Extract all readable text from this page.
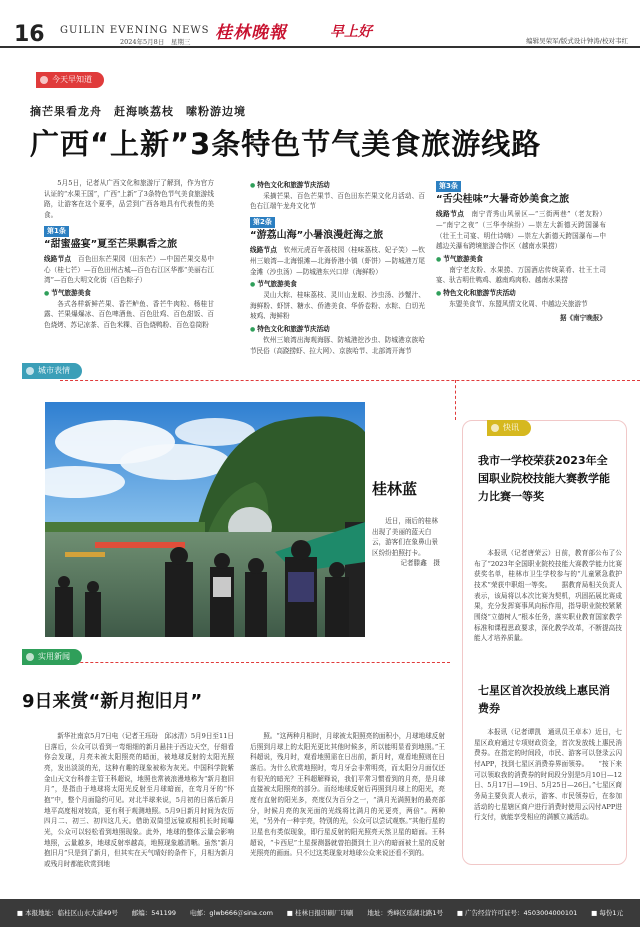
16 GUILIN EVENING NEWS
2024年5月8日　星期三 桂林晚報	早上好
编辑吴荣军/版式设计钟涛/校对韦红
今天早知道
摘芒果看龙舟　赶海啖荔枝　嗦粉游边境
广西“上新”3条特色节气美食旅游线路

5月5日，记者从广西文化和旅游厅了解到，作为官方认证的“水果王国”，广西“上新”了3条特色节气美食旅游线路，让游客在这个夏季，品尝到广西各地具有代表性的美食。

第1条
“甜蜜盛宴”夏至芒果飘香之旅

线路节点　 百色田东芒果园（田东芒）—中国芒果交易中心（桂七芒）—百色田州古城—百色右江区华都“美丽右江湾”—百色大明文化街（百色粽子）

● 节气旅游美食

各式各样新鲜芒果、香芒鲈鱼、香芒牛肉粒、杨桂甘露、芒果爆爆冰、百色啤酒鱼、百色肚鸡、百色甜饭、百色烧烤、苏记凉茶、百色米粿、百色烧鸭粉、百色卷筒粉

● 特色文化和旅游节庆活动

采摘芒果、百色芒果节、百色田东芒果文化月活动、百色右江端午龙舟文化节

第2条
“游荔山海”小暑浪漫赶海之旅

线路节点　 钦州元虎百年荔枝园（桂味荔枝、妃子笑）—钦州三娘湾—北海银滩—北海侨港小镇（虾饼）—防城港万尾金滩（沙虫汤）—防城港东兴口岸（海鲜粉）

● 节气旅游美食

灵山大粽、桂味荔枝、灵川山龙眼、沙虫汤、沙蟹汁、海鲜粉、虾饼、糖水、侨港美食、华侨卷粉、水粽、白切光坡鸡、海鲜粉

● 特色文化和旅游节庆活动

钦州三娘湾出海观海豚、防城港挖沙虫、防城港京族哈节民俗（高跷捞虾、拉大网）、京族哈节、北部湾开海节

第3条
“舌尖桂味”大暑奇妙美食之旅

线路节点　 南宁青秀山风景区—“三街两巷”（老友粉）—“南宁之夜”（三华李缤纷）—崇左大新德天跨国瀑布（壮王土司宴、明仕诗嗨）—崇左大新德天跨国瀑布—中越边关瀑布跨境旅游合作区（越南水果捞）

● 节气旅游美食

南宁老友粉、水果捞、万国酒店传统菜肴、壮王土司宴、驮古明仕鸭鸡、越南鸡肉粉、越南水果捞

● 特色文化和旅游节庆活动

东盟美食节、东盟风情文化周、中越边关旅游节

据《南宁晚报》
城市表情
桂林蓝

近日，雨后的桂林出现了美丽的蓝天白云，游客们在象鼻山景区纷纷拍照打卡。

记者滕鑫　摄

快讯
我市一学校荣获2023年全国职业院校技能大赛教学能力比赛一等奖
本报讯（记者唐荣云）日前，教育部公布了公布了“2023年全国职业院校技能大赛教学能力比赛获奖名单，桂林市卫生学校参与的“儿童紧急救护技术”荣获中职组一等奖。　　据教育局相关负责人表示，该局将以本次比赛为契机，巩固拓展比赛成果，充分发挥赛事风向标作用，指导职业院校紧紧围绕“立德树人”根本任务，落实职业教育国家教学标准和课程思政要求，深化教学改革，不断提高技能人才培养质量。
七星区首次投放线上惠民消费券
本报讯（记者谭凯　通讯员王卓本）近日，七星区政府通过专项财政资金，首次发放线上惠民消费券。在指定的时间段，市民、游客可以登录云闪付APP，找到七星区消费券界面领券。　　“按下来可以领取我的消费券的时间段分别是5月10日—12日、5月17日—19日、5月25日—26日。”七星区商务局主要负责人表示，游客、市民领券后，在参加活动的七星辖区商户进行消费时使用云闪付APP进行支付，就能享受相应的满额立减活动。
实用新闻
9日来赏“新月抱旧月”
新华社南京5月7日电（记者王珏玢　邱冰清）5月9日至11日日落后，公众可以看到一弯细细的新月悬挂于西边天空，仔细看你会发现，月亮未被太阳照亮的暗面，被地球反射的太阳光照亮，发出淡淡的光，这种有趣的现象被称为灰光。中国科学院紫金山天文台科普主管王科超说，地照也常被浪漫地称为“新月抱旧月”，是指由于地球将太阳光反射至月球暗面，在弯月牙的“怀抱”中，整个月面隐约可见。对北半球来说，5月初的日落后新月地平高度相对较高，更有利于观测地照。5月9日新月时间为农历四月二、初三、初四这几天。借助双筒望远镜或相机长时间曝光，公众可以轻松看到地照现象。此外，地球的整体云量会影响地照，云量越多，地球反射率越高，地照现象越清晰。虽然“新月抱旧月”只是到了新月，但其实在天气晴好的条件下，月相为新月或残月时都能欣赏到地
照。“这两种月相时，月球被太阳照亮的面积小，月球地球反射后照到月球上的太阳光更比其他时候多，所以能明显看到地照。”王科超说，残月时，观看地照需在日出前，新月时，观看地照则在日落后。为什么欣赏地照时，弯月牙会非常明亮，而太阳分月面仅还有很光的暗光？王科超解释说，我们平常习惯看到的月亮，是月球直接被太阳照亮的部分。而经地球反射后再照到月球上的阳光，亮度有直射的阳光多，亮度仅为百分之一，“满月光满照射的最亮部分，时候月亮的灰光面的光线将比满月的光更亮，两倍”。两种光，“另外有一种宇亮，特别的光，公众可以尝试观察。”其他行星的卫星也有类似现象，即行星反射的阳光照亮天然卫星的暗面。王科超说，“卡西尼”土星探测器就曾拍摄到土卫六的暗面被土星的反射光照亮的画面。只不过这类现象对地球公众来说还看不到的。
■ 本报地址：临桂区山水大道49号 邮编：541199 电邮：glwb666＠sina.com ■ 桂林日报印刷厂印刷 地址：秀峰区瑶湖北路1号 ■ 广告经营许可证号：4503004000101 ■ 每份1元
